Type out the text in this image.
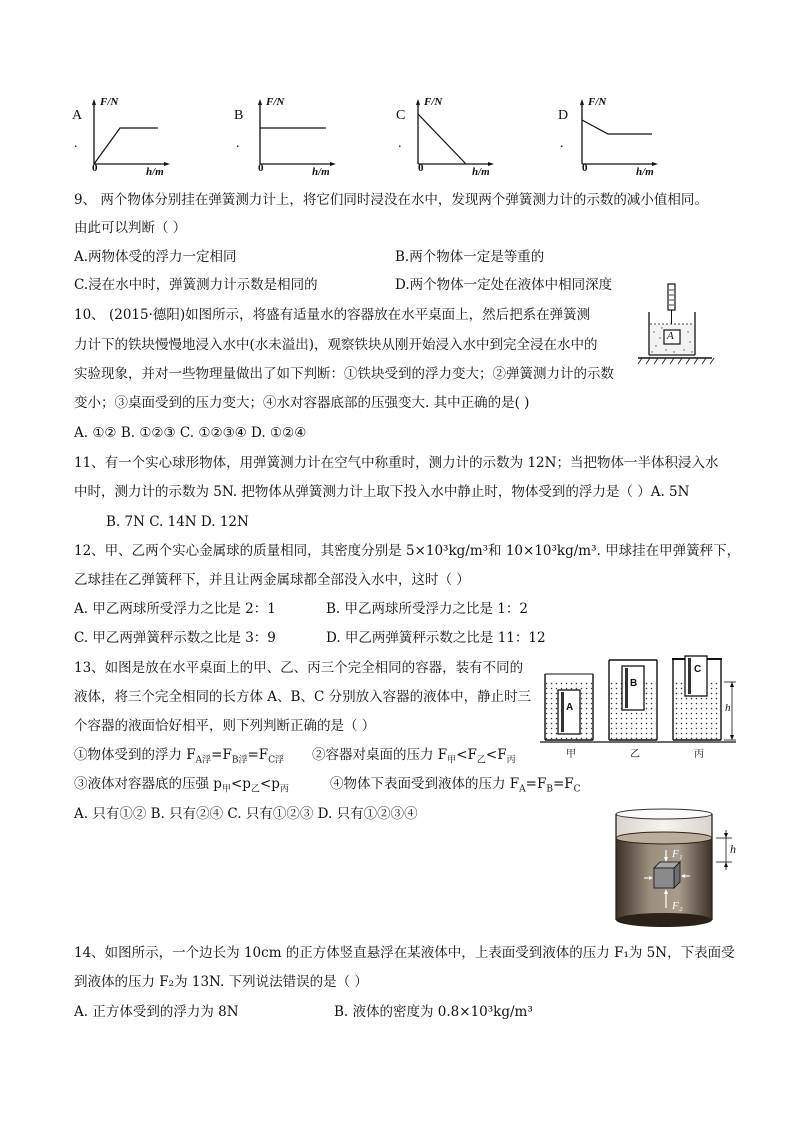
A
.
F/N
h/m
0
B
.
F/N
h/m
0
C
.
F/N
h/m
0
D
.
F/N
h/m
0
9、 两个物体分别挂在弹簧测力计上，将它们同时浸没在水中，发现两个弹簧测力计的示数的减小值相同。
由此可以判断（ ）
A.两物体受的浮力一定相同	B.两个物体一定是等重的
C.浸在水中时，弹簧测力计示数是相同的	D.两个物体一定处在液体中相同深度
10、 (2015·德阳)如图所示，将盛有适量水的容器放在水平桌面上，然后把系在弹簧测
力计下的铁块慢慢地浸入水中(水未溢出)，观察铁块从刚开始浸入水中到完全浸在水中的
实验现象，并对一些物理量做出了如下判断：①铁块受到的浮力变大；②弹簧测力计的示数
变小；③桌面受到的压力变大；④水对容器底部的压强变大. 其中正确的是( )
A. ①② B. ①②③ C. ①②③④ D. ①②④
A
11、有一个实心球形物体，用弹簧测力计在空气中称重时，测力计的示数为 12N；当把物体一半体积浸入水
中时，测力计的示数为 5N. 把物体从弹簧测力计上取下投入水中静止时，物体受到的浮力是（ ）A. 5N
B. 7N C. 14N D. 12N
12、甲、乙两个实心金属球的质量相同，其密度分别是 5×10³kg/m³和 10×10³kg/m³. 甲球挂在甲弹簧秤下，
乙球挂在乙弹簧秤下，并且让两金属球都全部没入水中，这时（ ）
A. 甲乙两球所受浮力之比是 2：1	B. 甲乙两球所受浮力之比是 1：2
C. 甲乙两弹簧秤示数之比是 3：9	D. 甲乙两弹簧秤示数之比是 11：12
13、如图是放在水平桌面上的甲、乙、丙三个完全相同的容器，装有不同的
液体，将三个完全相同的长方体 A、B、C 分别放入容器的液体中，静止时三
个容器的液面恰好相平，则下列判断正确的是（ ）
①物体受到的浮力 $F_{A浮}=F_{B浮}=F_{C浮}$ ②容器对桌面的压力 $F_甲<F_乙<F_丙$
③液体对容器底的压强 $p_甲<p_乙<p_丙$	④物体下表面受到液体的压力 $F_A=F_B=F_C$
A. 只有①② B. 只有②④ C. 只有①②③ D. 只有①②③④
A
B
C
h
甲	乙	丙
h
F₁
F₂
14、如图所示，一个边长为 10cm 的正方体竖直悬浮在某液体中，上表面受到液体的压力 F₁为 5N，下表面受
到液体的压力 F₂为 13N. 下列说法错误的是（ ）
A. 正方体受到的浮力为 8N	B. 液体的密度为 0.8×10³kg/m³
